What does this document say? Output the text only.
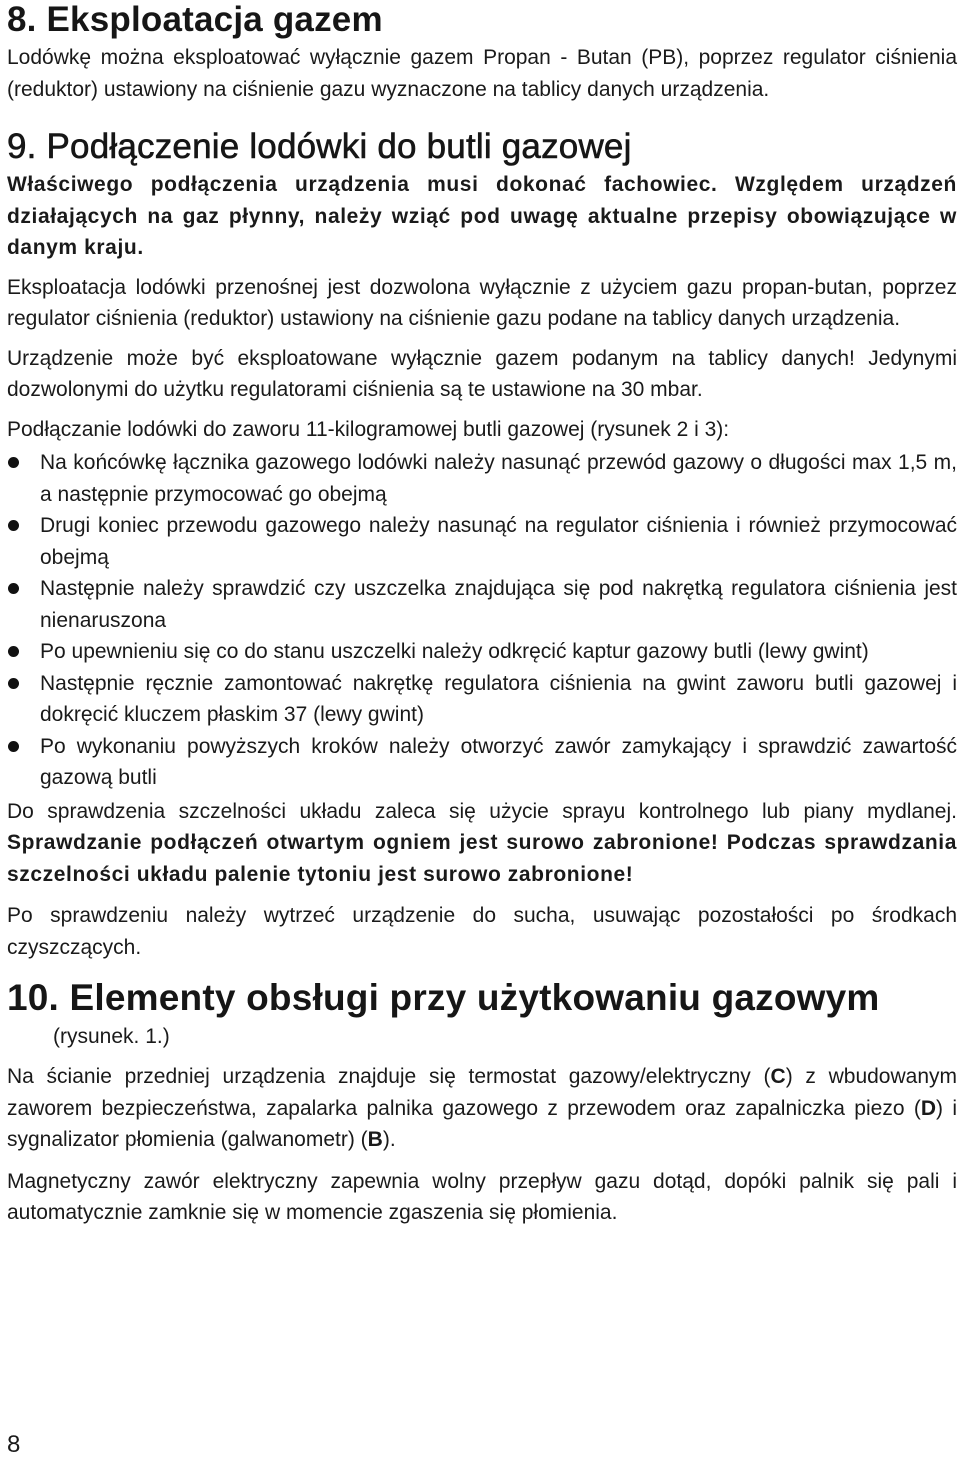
8. Eksploatacja gazem

Lodówkę można eksploatować wyłącznie gazem Propan - Butan (PB), poprzez regulator ciśnienia (reduktor) ustawiony na ciśnienie gazu wyznaczone na tablicy danych urządzenia.

9. Podłączenie lodówki do butli gazowej

Właściwego podłączenia urządzenia musi dokonać fachowiec. Względem urządzeń działających na gaz płynny, należy wziąć pod uwagę aktualne przepisy obowiązujące w danym kraju.

Eksploatacja lodówki przenośnej jest dozwolona wyłącznie z użyciem gazu propan-butan, poprzez regulator ciśnienia (reduktor) ustawiony na ciśnienie gazu podane na tablicy danych urządzenia.

Urządzenie może być eksploatowane wyłącznie gazem podanym na tablicy danych! Jedynymi dozwolonymi do użytku regulatorami ciśnienia są te ustawione na 30 mbar.

Podłączanie lodówki do zaworu 11-kilogramowej butli gazowej (rysunek 2 i 3):

Na końcówkę łącznika gazowego lodówki należy nasunąć przewód gazowy o długości max 1,5 m, a następnie przymocować go obejmą
Drugi koniec przewodu gazowego należy nasunąć na regulator ciśnienia i również przymocować obejmą
Następnie należy sprawdzić czy uszczelka znajdująca się pod nakrętką regulatora ciśnienia jest nienaruszona
Po upewnieniu się co do stanu uszczelki należy odkręcić kaptur gazowy butli (lewy gwint)
Następnie ręcznie zamontować nakrętkę regulatora ciśnienia na gwint zaworu butli gazowej i dokręcić kluczem płaskim 37 (lewy gwint)
Po wykonaniu powyższych kroków należy otworzyć zawór zamykający i sprawdzić zawartość gazową butli

Do sprawdzenia szczelności układu zaleca się użycie sprayu kontrolnego lub piany mydlanej. Sprawdzanie podłączeń otwartym ogniem jest surowo zabronione! Podczas sprawdzania szczelności układu palenie tytoniu jest surowo zabronione!

Po sprawdzeniu należy wytrzeć urządzenie do sucha, usuwając pozostałości po środkach czyszczących.

10. Elementy obsługi przy użytkowaniu gazowym
(rysunek. 1.)

Na ścianie przedniej urządzenia znajduje się termostat gazowy/elektryczny (C) z wbudowanym zaworem bezpieczeństwa, zapalarka palnika gazowego z przewodem oraz zapalniczka piezo (D) i sygnalizator płomienia (galwanometr) (B).

Magnetyczny zawór elektryczny zapewnia wolny przepływ gazu dotąd, dopóki palnik się pali i automatycznie zamknie się w momencie zgaszenia się płomienia.

8
